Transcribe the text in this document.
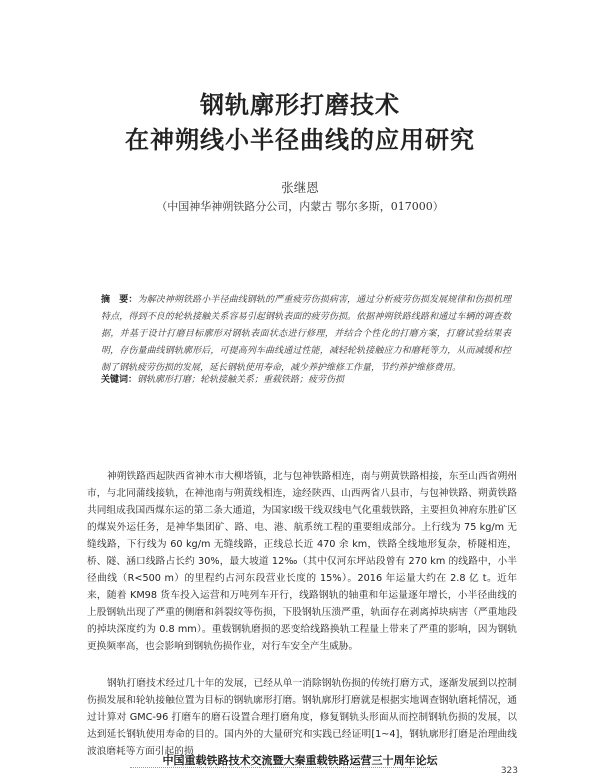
钢轨廓形打磨技术
在神朔线小半径曲线的应用研究
张继恩
（中国神华神朔铁路分公司，内蒙古 鄂尔多斯，017000）
摘　要：为解决神朔铁路小半径曲线钢轨的严重疲劳伤损病害，通过分析疲劳伤损发展规律和伤损机理特点，得到不良的轮轨接触关系容易引起钢轨表面的疲劳伤损。依据神朔铁路线路和通过车辆的调查数据，并基于设计打磨目标廓形对钢轨表面状态进行修理，并结合个性化的打磨方案，打磨试验结果表明，存伤量曲线钢轨廓形后，可提高列车曲线通过性能，减轻轮轨接触应力和磨耗等力，从而减缓和控制了钢轨疲劳伤损的发展，延长钢轨使用寿命，减少养护维修工作量，节约养护维修费用。
关键词：钢轨廓形打磨；轮轨接触关系；重载铁路；疲劳伤损
神朔铁路西起陕西省神木市大柳塔镇，北与包神铁路相连，南与朔黄铁路相接，东至山西省朔州市，与北同蒲线接轨，在神池南与朔黄线相连，途经陕西、山西两省八县市，与包神铁路、朔黄铁路共同组成我国西煤东运的第二条大通道，为国家Ⅰ级干线双线电气化重载铁路，主要担负神府东胜矿区的煤炭外运任务，是神华集团矿、路、电、港、航系统工程的重要组成部分。上行线为 75 kg/m 无缝线路，下行线为 60 kg/m 无缝线路，正线总长近 470 余 km，铁路全线地形复杂，桥隧相连，桥、隧、涵口线路占长约 30%，最大坡道 12‰（其中仅河东坪站段曾有 270 km 的线路中，小半径曲线（R<500 m）的里程约占河东段营业长度的 15%）。2016 年运量大约在 2.8 亿 t。近年来，随着 KM98 货车投入运营和万吨列车开行，线路钢轨的轴重和年运量逐年增长，小半径曲线的上股钢轨出现了严重的侧磨和斜裂纹等伤损，下股钢轨压溃严重，轨面存在剥离掉块病害（严重地段的掉块深度约为 0.8 mm）。重载钢轨磨损的恶变给线路换轨工程量上带来了严重的影响，因为钢轨更换频率高，也会影响到钢轨伤损作业，对行车安全产生威胁。
钢轨打磨技术经过几十年的发展，已经从单一消除钢轨伤损的传统打磨方式，逐渐发展到以控制伤损发展和轮轨接触位置为目标的钢轨廓形打磨。钢轨廓形打磨就是根据实地调查钢轨磨耗情况，通过计算对 GMC-96 打磨车的磨石设置合理打磨角度，修复钢轨头形面从而控制钢轨伤损的发展，以达到延长钢轨使用寿命的目的。国内外的大量研究和实践已经证明[1~4]，钢轨廓形打磨是治理曲线波浪磨耗等方面引起的损
中国重载铁路技术交流暨大秦重载铁路运营三十周年论坛
323
